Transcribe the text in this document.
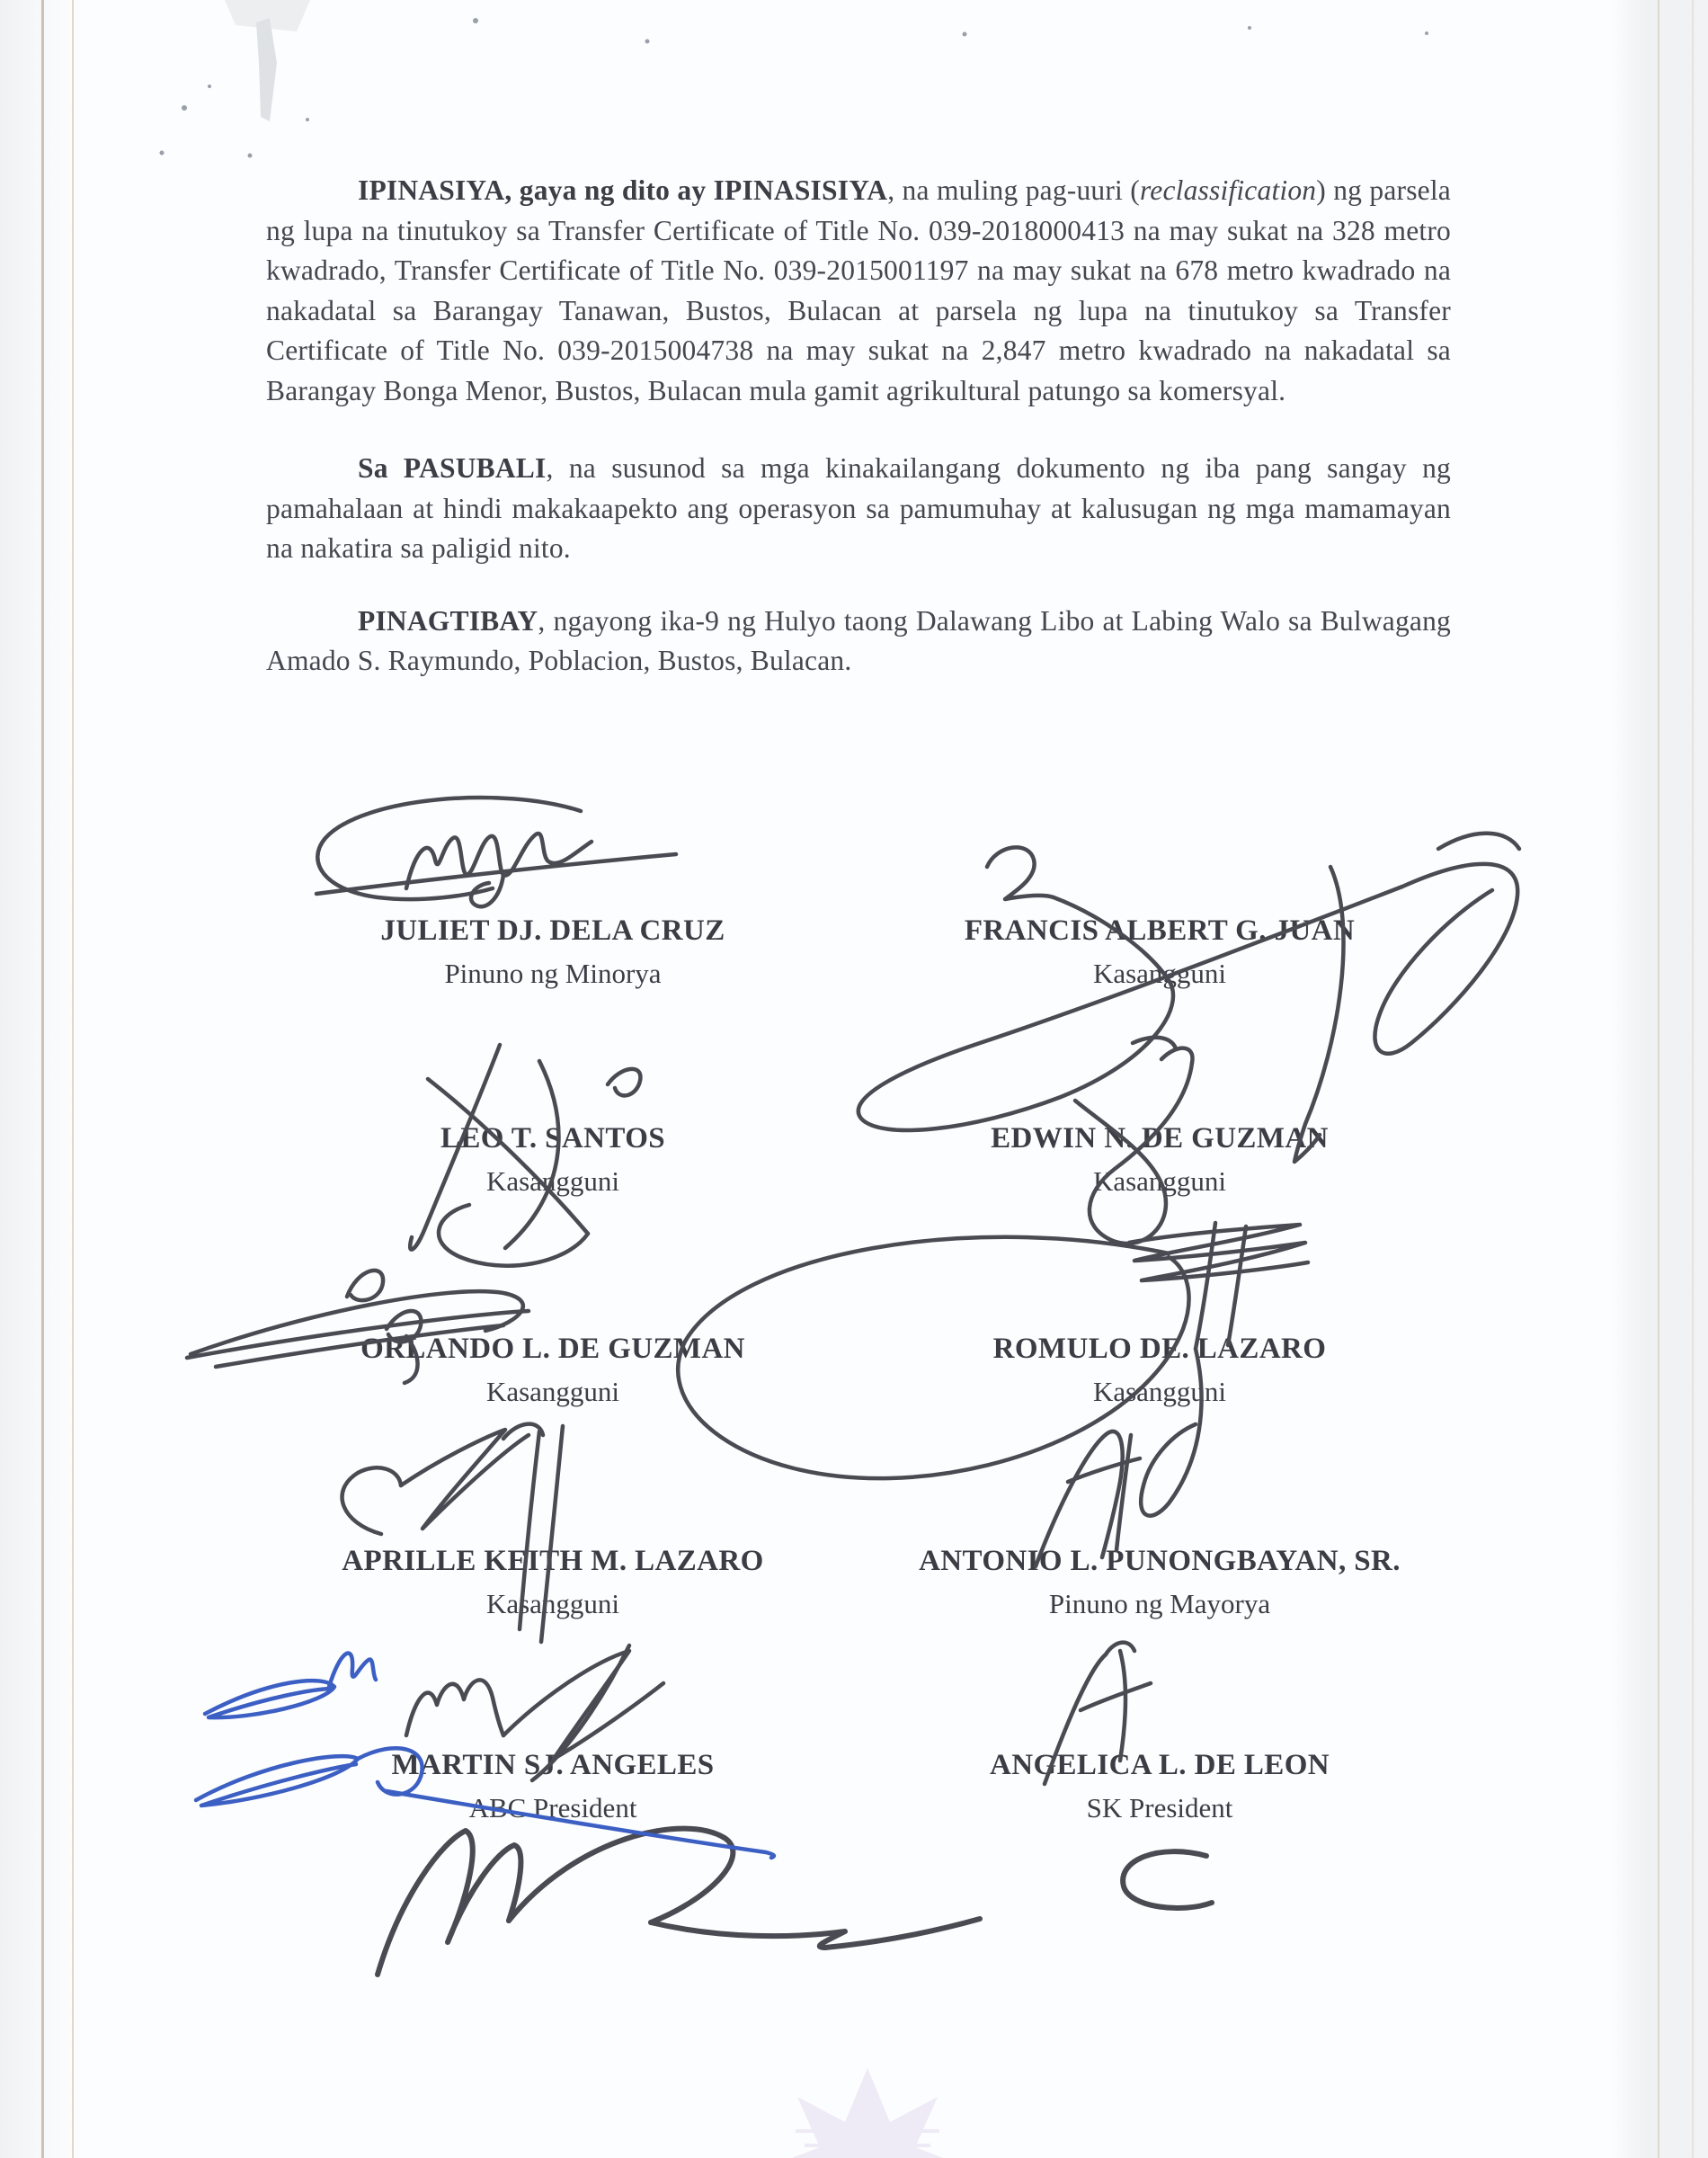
IPINASIYA, gaya ng dito ay IPINASISIYA, na muling pag-uuri (reclassification) ng parsela ng lupa na tinutukoy sa Transfer Certificate of Title No. 039-2018000413 na may sukat na 328 metro kwadrado, Transfer Certificate of Title No. 039-2015001197 na may sukat na 678 metro kwadrado na nakadatal sa Barangay Tanawan, Bustos, Bulacan at parsela ng lupa na tinutukoy sa Transfer Certificate of Title No. 039-2015004738 na may sukat na 2,847 metro kwadrado na nakadatal sa Barangay Bonga Menor, Bustos, Bulacan mula gamit agrikultural patungo sa komersyal.

Sa PASUBALI, na susunod sa mga kinakailangang dokumento ng iba pang sangay ng pamahalaan at hindi makakaapekto ang operasyon sa pamumuhay at kalusugan ng mga mamamayan na nakatira sa paligid nito.

PINAGTIBAY, ngayong ika-9 ng Hulyo taong Dalawang Libo at Labing Walo sa Bulwagang Amado S. Raymundo, Poblacion, Bustos, Bulacan.

JULIET DJ. DELA CRUZ
Pinuno ng Minorya
FRANCIS ALBERT G. JUAN
Kasangguni
LEO T. SANTOS
Kasangguni
EDWIN N. DE GUZMAN
Kasangguni
ORLANDO L. DE GUZMAN
Kasangguni
ROMULO DE. LAZARO
Kasangguni
APRILLE KEITH M. LAZARO
Kasangguni
ANTONIO L. PUNONGBAYAN, SR.
Pinuno ng Mayorya
MARTIN SJ. ANGELES
ABC President
ANGELICA L. DE LEON
SK President
